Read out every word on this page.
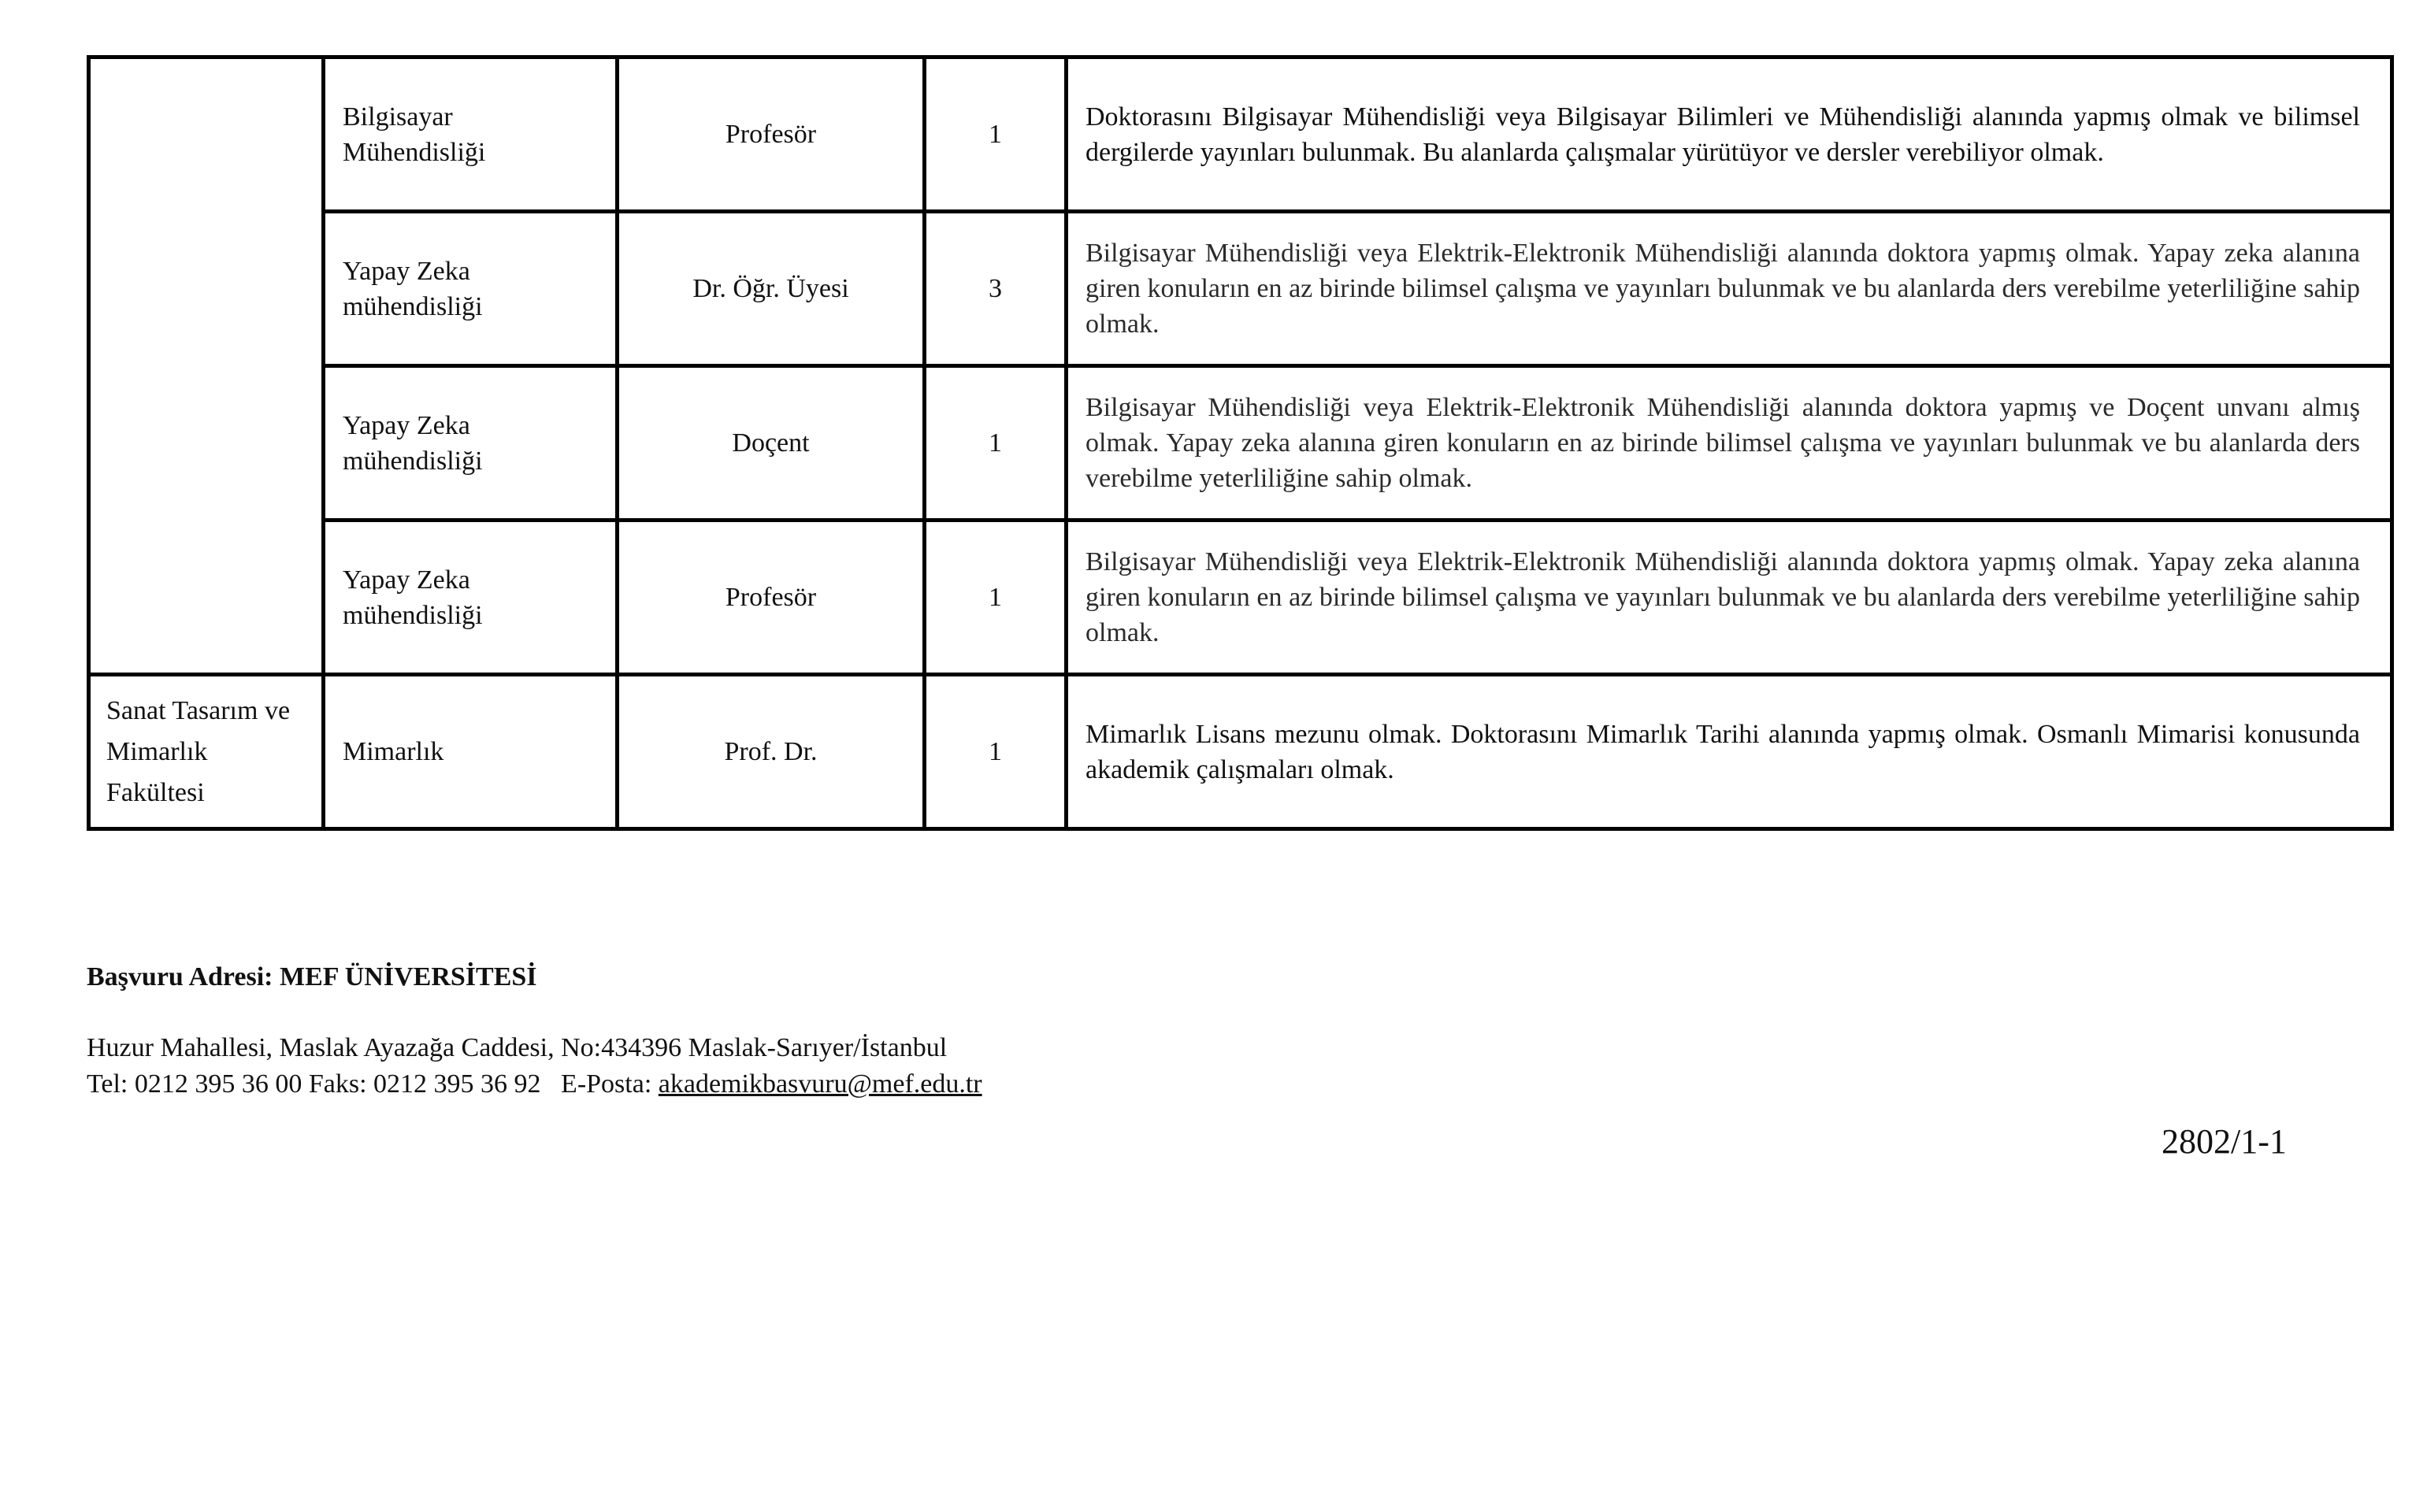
	Bilgisayar Mühendisliği	Profesör	1	Doktorasını Bilgisayar Mühendisliği veya Bilgisayar Bilimleri ve Mühendisliği alanında yapmış olmak ve bilimsel dergilerde yayınları bulunmak. Bu alanlarda çalışmalar yürütüyor ve dersler verebiliyor olmak.

	Yapay Zeka mühendisliği	Dr. Öğr. Üyesi	3	Bilgisayar Mühendisliği veya Elektrik-Elektronik Mühendisliği alanında doktora yapmış olmak. Yapay zeka alanına giren konuların en az birinde bilimsel çalışma ve yayınları bulunmak ve bu alanlarda ders verebilme yeterliliğine sahip olmak.

	Yapay Zeka mühendisliği	Doçent	1	Bilgisayar Mühendisliği veya Elektrik-Elektronik Mühendisliği alanında doktora yapmış ve Doçent unvanı almış olmak. Yapay zeka alanına giren konuların en az birinde bilimsel çalışma ve yayınları bulunmak ve bu alanlarda ders verebilme yeterliliğine sahip olmak.

	Yapay Zeka mühendisliği	Profesör	1	Bilgisayar Mühendisliği veya Elektrik-Elektronik Mühendisliği alanında doktora yapmış olmak. Yapay zeka alanına giren konuların en az birinde bilimsel çalışma ve yayınları bulunmak ve bu alanlarda ders verebilme yeterliliğine sahip olmak.

Sanat Tasarım ve Mimarlık Fakültesi	Mimarlık	Prof. Dr.	1	Mimarlık Lisans mezunu olmak. Doktorasını Mimarlık Tarihi alanında yapmış olmak. Osmanlı Mimarisi konusunda akademik çalışmaları olmak.
Başvuru Adresi: MEF ÜNİVERSİTESİ
Huzur Mahallesi, Maslak Ayazağa Caddesi, No:434396 Maslak-Sarıyer/İstanbul
Tel: 0212 395 36 00 Faks: 0212 395 36 92   E-Posta: akademikbasvuru@mef.edu.tr
2802/1-1
